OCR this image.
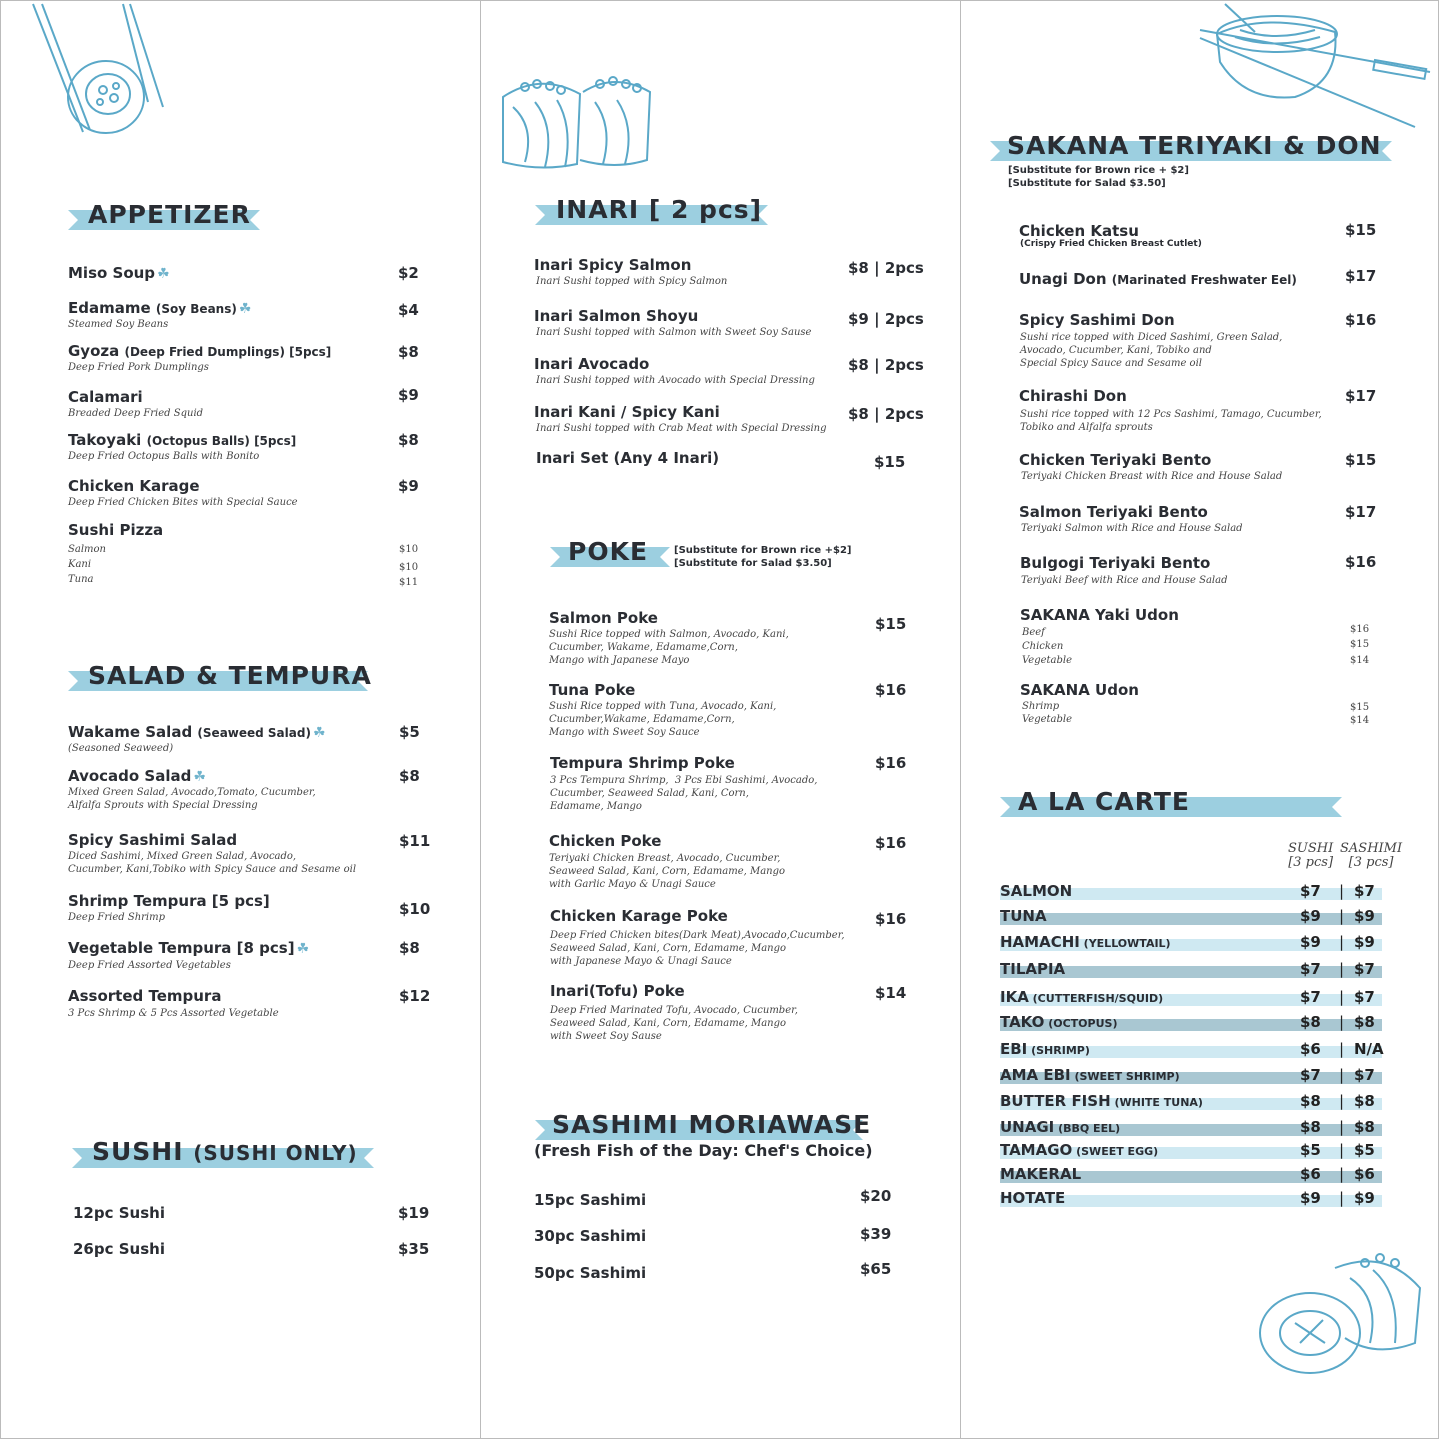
APPETIZER
Miso Soup ☘	$2
Edamame (Soy Beans) ☘
Steamed Soy Beans
$4
Gyoza (Deep Fried Dumplings) [5pcs]
Deep Fried Pork Dumplings
$8
Calamari
Breaded Deep Fried Squid
$9
Takoyaki (Octopus Balls) [5pcs]
Deep Fried Octopus Balls with Bonito
$8
Chicken Karage
Deep Fried Chicken Bites with Special Sauce
$9
Sushi Pizza
Salmon	$10
Kani	$10
Tuna	$11
SALAD & TEMPURA
Wakame Salad (Seaweed Salad) ☘
(Seasoned Seaweed)
$5
Avocado Salad ☘
Mixed Green Salad, Avocado,Tomato, Cucumber,
Alfalfa Sprouts with Special Dressing
$8
Spicy Sashimi Salad
Diced Sashimi, Mixed Green Salad, Avocado,
Cucumber, Kani,Tobiko with Spicy Sauce and Sesame oil
$11
Shrimp Tempura [5 pcs]
Deep Fried Shrimp	$10
Vegetable Tempura [8 pcs] ☘
Deep Fried Assorted Vegetables
$8
Assorted Tempura
3 Pcs Shrimp & 5 Pcs Assorted Vegetable
$12
SUSHI (SUSHI ONLY)
12pc Sushi	$19
26pc Sushi	$35
INARI [ 2 pcs]
Inari Spicy Salmon
Inari Sushi topped with Spicy Salmon
$8 | 2pcs
Inari Salmon Shoyu
Inari Sushi topped with Salmon with Sweet Soy Sause
$9 | 2pcs
Inari Avocado
Inari Sushi topped with Avocado with Special Dressing
$8 | 2pcs
Inari Kani / Spicy Kani
Inari Sushi topped with Crab Meat with Special Dressing
$8 | 2pcs
Inari Set (Any 4 Inari)	$15
POKE	[Substitute for Brown rice +$2]
[Substitute for Salad $3.50]
Salmon Poke
Sushi Rice topped with Salmon, Avocado, Kani,
Cucumber, Wakame, Edamame,Corn,
Mango with Japanese Mayo
$15
Tuna Poke
Sushi Rice topped with Tuna, Avocado, Kani,
Cucumber,Wakame, Edamame,Corn,
Mango with Sweet Soy Sauce
$16
Tempura Shrimp Poke
3 Pcs Tempura Shrimp,  3 Pcs Ebi Sashimi, Avocado,
Cucumber, Seaweed Salad, Kani, Corn,
Edamame, Mango
$16
Chicken Poke
Teriyaki Chicken Breast, Avocado, Cucumber,
Seaweed Salad, Kani, Corn, Edamame, Mango
with Garlic Mayo & Unagi Sauce
$16
Chicken Karage Poke
Deep Fried Chicken bites(Dark Meat),Avocado,Cucumber,
Seaweed Salad, Kani, Corn, Edamame, Mango
with Japanese Mayo & Unagi Sauce
$16
Inari(Tofu) Poke
Deep Fried Marinated Tofu, Avocado, Cucumber,
Seaweed Salad, Kani, Corn, Edamame, Mango
with Sweet Soy Sause
$14
SASHIMI MORIAWASE
(Fresh Fish of the Day: Chef's Choice)
15pc Sashimi	$20
30pc Sashimi	$39
50pc Sashimi	$65
SAKANA TERIYAKI & DON
[Substitute for Brown rice + $2]
[Substitute for Salad $3.50]
Chicken Katsu
(Crispy Fried Chicken Breast Cutlet)
$15
Unagi Don (Marinated Freshwater Eel)	$17
Spicy Sashimi Don
Sushi rice topped with Diced Sashimi, Green Salad,
Avocado, Cucumber, Kani, Tobiko and
Special Spicy Sauce and Sesame oil
$16
Chirashi Don
Sushi rice topped with 12 Pcs Sashimi, Tamago, Cucumber,
Tobiko and Alfalfa sprouts
$17
Chicken Teriyaki Bento
Teriyaki Chicken Breast with Rice and House Salad
$15
Salmon Teriyaki Bento
Teriyaki Salmon with Rice and House Salad
$17
Bulgogi Teriyaki Bento
Teriyaki Beef with Rice and House Salad
$16
SAKANA Yaki Udon
Beef	$16
Chicken	$15
Vegetable	$14
SAKANA Udon
Shrimp	$15
Vegetable	$14
A LA CARTE
SUSHI
[3 pcs]
SASHIMI
[3 pcs]
SALMON	$7 | $7
TUNA	$9 | $9
HAMACHI (YELLOWTAIL)	$9 | $9
TILAPIA	$7 | $7
IKA (CUTTERFISH/SQUID)	$7 | $7
TAKO (OCTOPUS)	$8 | $8
EBI (SHRIMP)	$6 | N/A
AMA EBI (SWEET SHRIMP)	$7 | $7
BUTTER FISH (WHITE TUNA)	$8 | $8
UNAGI (BBQ EEL)	$8 | $8
TAMAGO (SWEET EGG)	$5 | $5
MAKERAL	$6 | $6
HOTATE	$9 | $9
